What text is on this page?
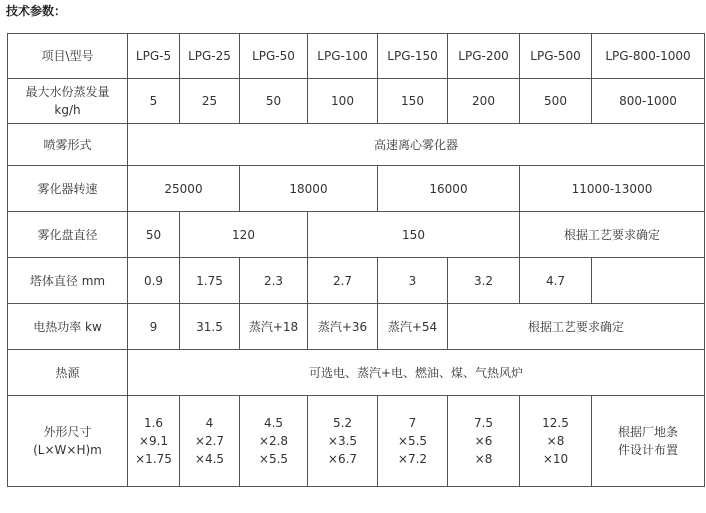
技术参数：
项目\型号	LPG-5	LPG-25	LPG-50	LPG-100	LPG-150	LPG-200	LPG-500	LPG-800-1000

最大水份蒸发量
kg/h	5	25	50	100	150	200	500	800-1000
喷雾形式	高速离心雾化器							
雾化器转速	25000		18000		16000		11000-13000	
雾化盘直径	50	120		150			根据工艺要求确定	
塔体直径 mm	0.9	1.75	2.3	2.7	3	3.2	4.7	
电热功率 kw	9	31.5	蒸汽+18	蒸汽+36	蒸汽+54	根据工艺要求确定		
热源	可选电、蒸汽+电、燃油、煤、气热风炉							

外形尺寸
(L×W×H)m	1.6
×9.1
×1.75	4
×2.7
×4.5	4.5
×2.8
×5.5	5.2
×3.5
×6.7	7
×5.5
×7.2	7.5
×6
×8	12.5
×8
×10	根据厂地条
件设计布置
